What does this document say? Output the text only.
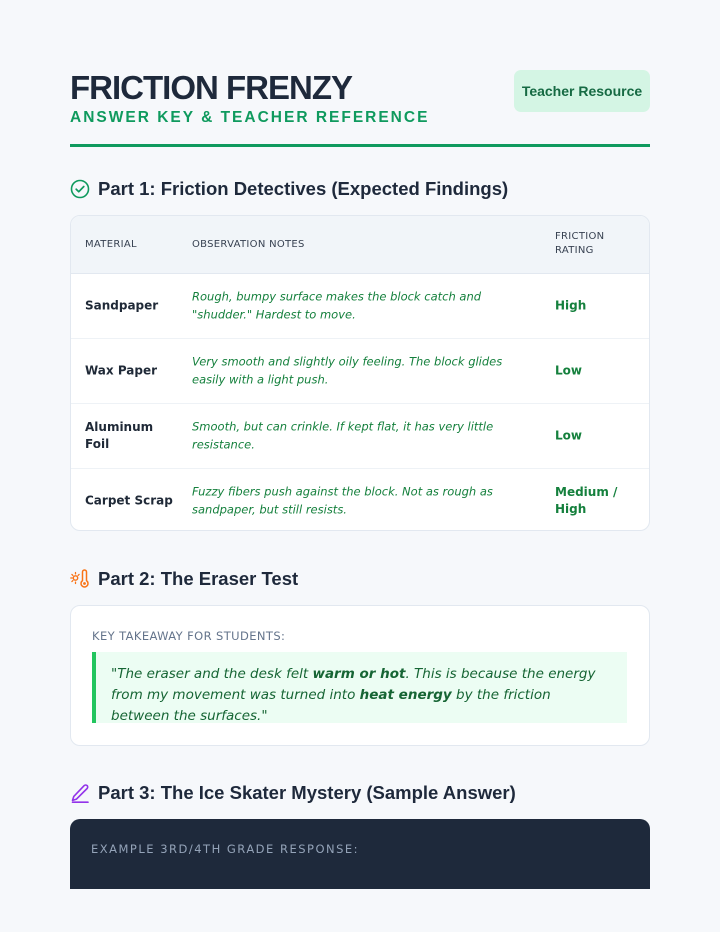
FRICTION FRENZY
ANSWER KEY & TEACHER REFERENCE
Teacher Resource
Part 1: Friction Detectives (Expected Findings)
MATERIAL	OBSERVATION NOTES
FRICTION RATING
Sandpaper
Rough, bumpy surface makes the block catch and "shudder." Hardest to move.
High
Wax Paper
Very smooth and slightly oily feeling. The block glides easily with a light push.
Low
Aluminum Foil
Smooth, but can crinkle. If kept flat, it has very little resistance.
Low
Carpet Scrap
Fuzzy fibers push against the block. Not as rough as sandpaper, but still resists.
Medium / High
Part 2: The Eraser Test
KEY TAKEAWAY FOR STUDENTS:
"The eraser and the desk felt warm or hot. This is because the energy from my movement was turned into heat energy by the friction between the surfaces."
Part 3: The Ice Skater Mystery (Sample Answer)
EXAMPLE 3RD/4TH GRADE RESPONSE:
